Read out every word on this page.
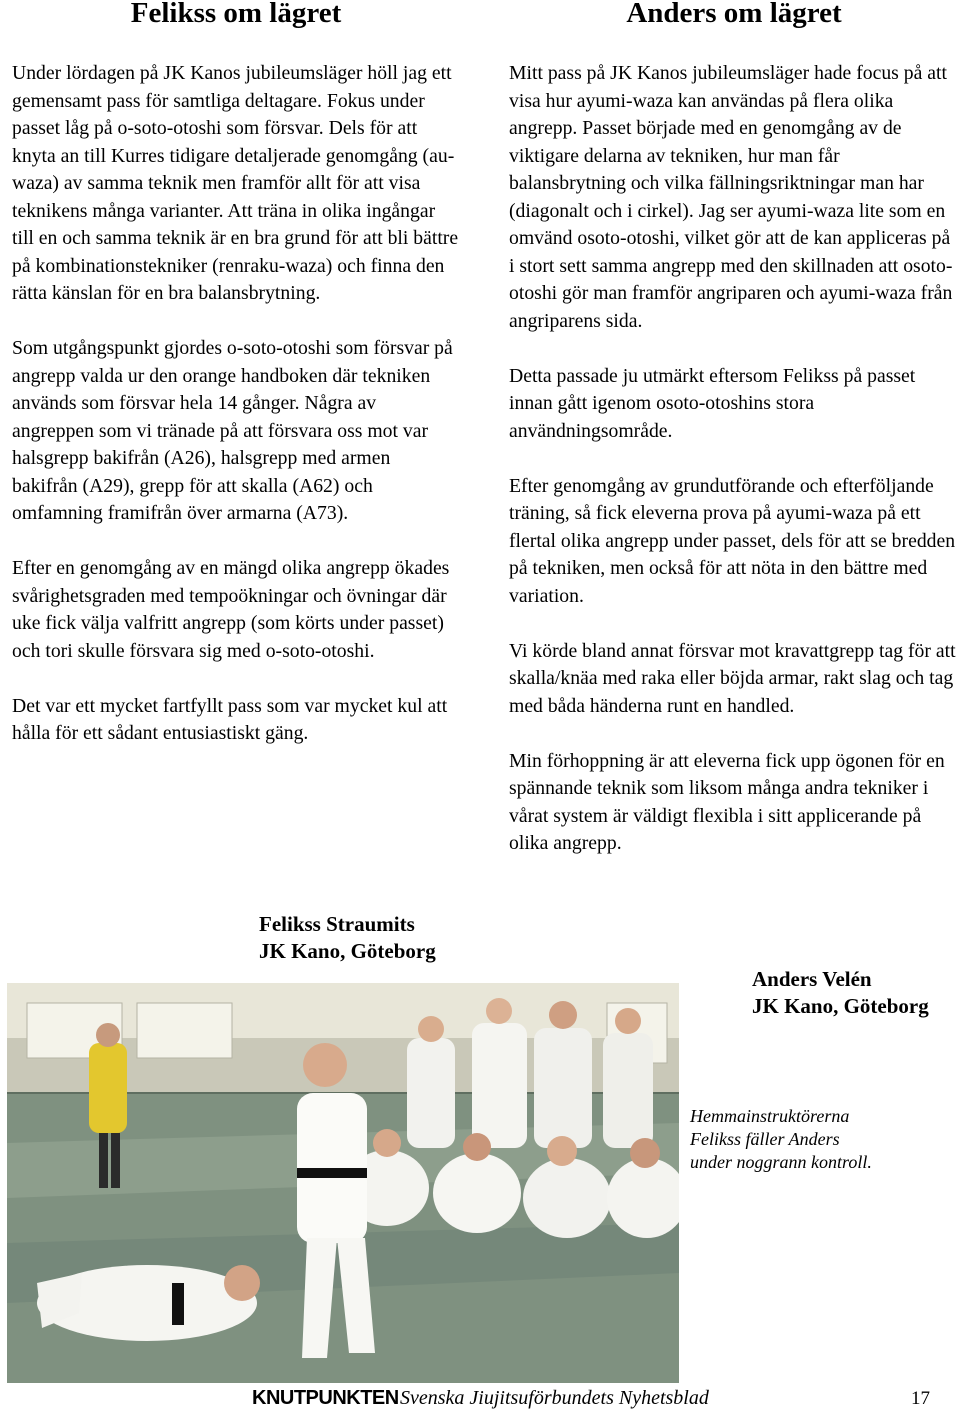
Felikss om lägret	Anders om lägret

Under lördagen på JK Kanos jubileumsläger höll jag ett gemensamt pass för samtliga deltagare. Fokus under passet låg på o-soto-otoshi som försvar. Dels för att knyta an till Kurres tidigare detaljerade genomgång (au-waza) av samma teknik men framför allt för att visa teknikens många varianter. Att träna in olika ingångar till en och samma teknik är en bra grund för att bli bättre på kombinationstekniker (renraku-waza) och finna den rätta känslan för en bra balansbrytning.

Som utgångspunkt gjordes o-soto-otoshi som försvar på angrepp valda ur den orange handboken där tekniken används som försvar hela 14 gånger. Några av angreppen som vi tränade på att försvara oss mot var halsgrepp bakifrån (A26), halsgrepp med armen bakifrån (A29), grepp för att skalla (A62) och omfamning framifrån över armarna (A73).

Efter en genomgång av en mängd olika angrepp ökades svårighetsgraden med tempoökningar och övningar där uke fick välja valfritt angrepp (som körts under passet) och tori skulle försvara sig med o-soto-otoshi.

Det var ett mycket fartfyllt pass som var mycket kul att hålla för ett sådant entusiastiskt gäng.

Felikss Straumits
JK Kano, Göteborg

Mitt pass på JK Kanos jubileumsläger hade focus på att visa hur ayumi-waza kan användas på flera olika angrepp. Passet började med en genomgång av de viktigare delarna av tekniken, hur man får balansbrytning och vilka fällningsriktningar man har (diagonalt och i cirkel). Jag ser ayumi-waza lite som en omvänd osoto-otoshi, vilket gör att de kan appliceras på i stort sett samma angrepp med den skillnaden att osoto-otoshi gör man framför angriparen och ayumi-waza från angriparens sida.

Detta passade ju utmärkt eftersom Felikss på passet innan gått igenom osoto-otoshins stora användningsområde.

Efter genomgång av grundutförande och efterföljande träning, så fick eleverna prova på ayumi-waza på ett flertal olika angrepp under passet, dels för att se bredden på tekniken, men också för att nöta in den bättre med variation.

Vi körde bland annat försvar mot kravattgrepp tag för att skalla/knäa med raka eller böjda armar, rakt slag och tag med båda händerna runt en handled.

Min förhoppning är att eleverna fick upp ögonen för en spännande teknik som liksom många andra tekniker i vårat system är väldigt flexibla i sitt applicerande på olika angrepp.

Anders Velén
JK Kano, Göteborg
Hemmainstruktörerna
Felikss fäller Anders
under noggrann kontroll.
KNUTPUNKTEN Svenska Jiujitsuförbundets Nyhetsblad	17
